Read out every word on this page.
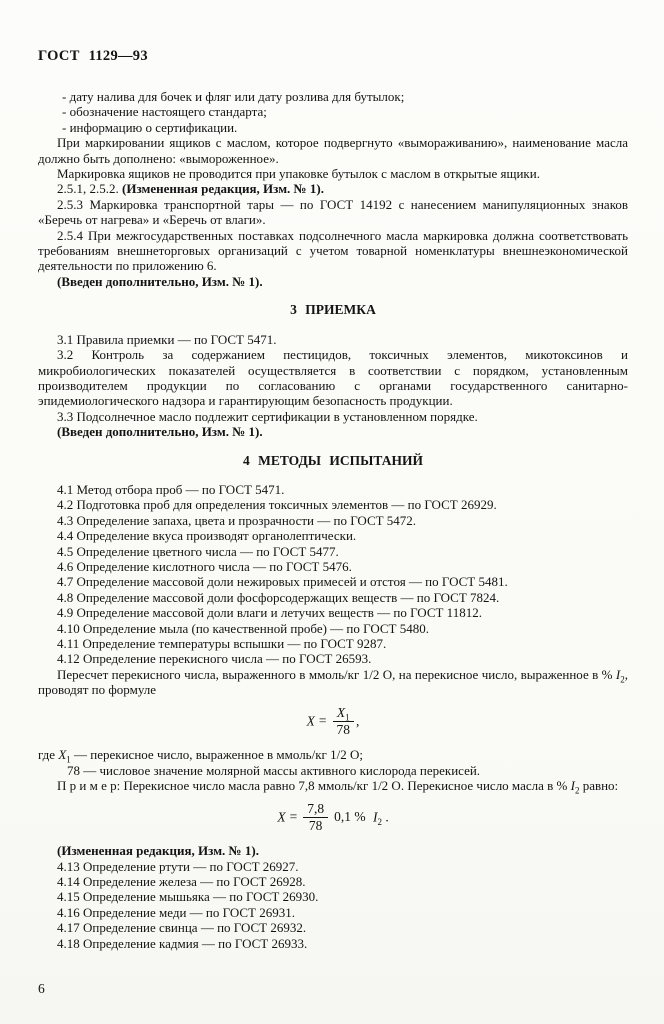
ГОСТ 1129—93

- дату налива для бочек и фляг или дату розлива для бутылок;

- обозначение настоящего стандарта;

- информацию о сертификации.

При маркировании ящиков с маслом, которое подвергнуто «вымораживанию», наименование масла должно быть дополнено: «вымороженное».

Маркировка ящиков не проводится при упаковке бутылок с маслом в открытые ящики.

2.5.1, 2.5.2. (Измененная редакция, Изм. № 1).

2.5.3 Маркировка транспортной тары — по ГОСТ 14192 с нанесением манипуляционных знаков «Беречь от нагрева» и «Беречь от влаги».

2.5.4 При межгосударственных поставках подсолнечного масла маркировка должна соответствовать требованиям внешнеторговых организаций с учетом товарной номенклатуры внешнеэкономической деятельности по приложению 6.

(Введен дополнительно, Изм. № 1).

3 ПРИЕМКА

3.1 Правила приемки — по ГОСТ 5471.

3.2 Контроль за содержанием пестицидов, токсичных элементов, микотоксинов и микробиологических показателей осуществляется в соответствии с порядком, установленным производителем продукции по согласованию с органами государственного санитарно-эпидемиологического надзора и гарантирующим безопасность продукции.

3.3 Подсолнечное масло подлежит сертификации в установленном порядке.

(Введен дополнительно, Изм. № 1).

4 МЕТОДЫ ИСПЫТАНИЙ

4.1 Метод отбора проб — по ГОСТ 5471.

4.2 Подготовка проб для определения токсичных элементов — по ГОСТ 26929.

4.3 Определение запаха, цвета и прозрачности — по ГОСТ 5472.

4.4 Определение вкуса производят органолептически.

4.5 Определение цветного числа — по ГОСТ 5477.

4.6 Определение кислотного числа — по ГОСТ 5476.

4.7 Определение массовой доли нежировых примесей и отстоя — по ГОСТ 5481.

4.8 Определение массовой доли фосфорсодержащих веществ — по ГОСТ 7824.

4.9 Определение массовой доли влаги и летучих веществ — по ГОСТ 11812.

4.10 Определение мыла (по качественной пробе) — по ГОСТ 5480.

4.11 Определение температуры вспышки — по ГОСТ 9287.

4.12 Определение перекисного числа — по ГОСТ 26593.

Пересчет перекисного числа, выраженного в ммоль/кг 1/2 О, на перекисное число, выраженное в % $I_2$, проводят по формуле

$X = \frac{X_1}{78}$ ,

где $X_1$ — перекисное число, выраженное в ммоль/кг 1/2 О;

78 — числовое значение молярной массы активного кислорода перекисей.

П р и м е р: Перекисное число масла равно 7,8 ммоль/кг 1/2 О. Перекисное число масла в % $I_2$ равно:

$X = \frac{7,8}{78} 0,1$ % $I_2$ .

(Измененная редакция, Изм. № 1).

4.13 Определение ртути — по ГОСТ 26927.

4.14 Определение железа — по ГОСТ 26928.

4.15 Определение мышьяка — по ГОСТ 26930.

4.16 Определение меди — по ГОСТ 26931.

4.17 Определение свинца — по ГОСТ 26932.

4.18 Определение кадмия — по ГОСТ 26933.

6
